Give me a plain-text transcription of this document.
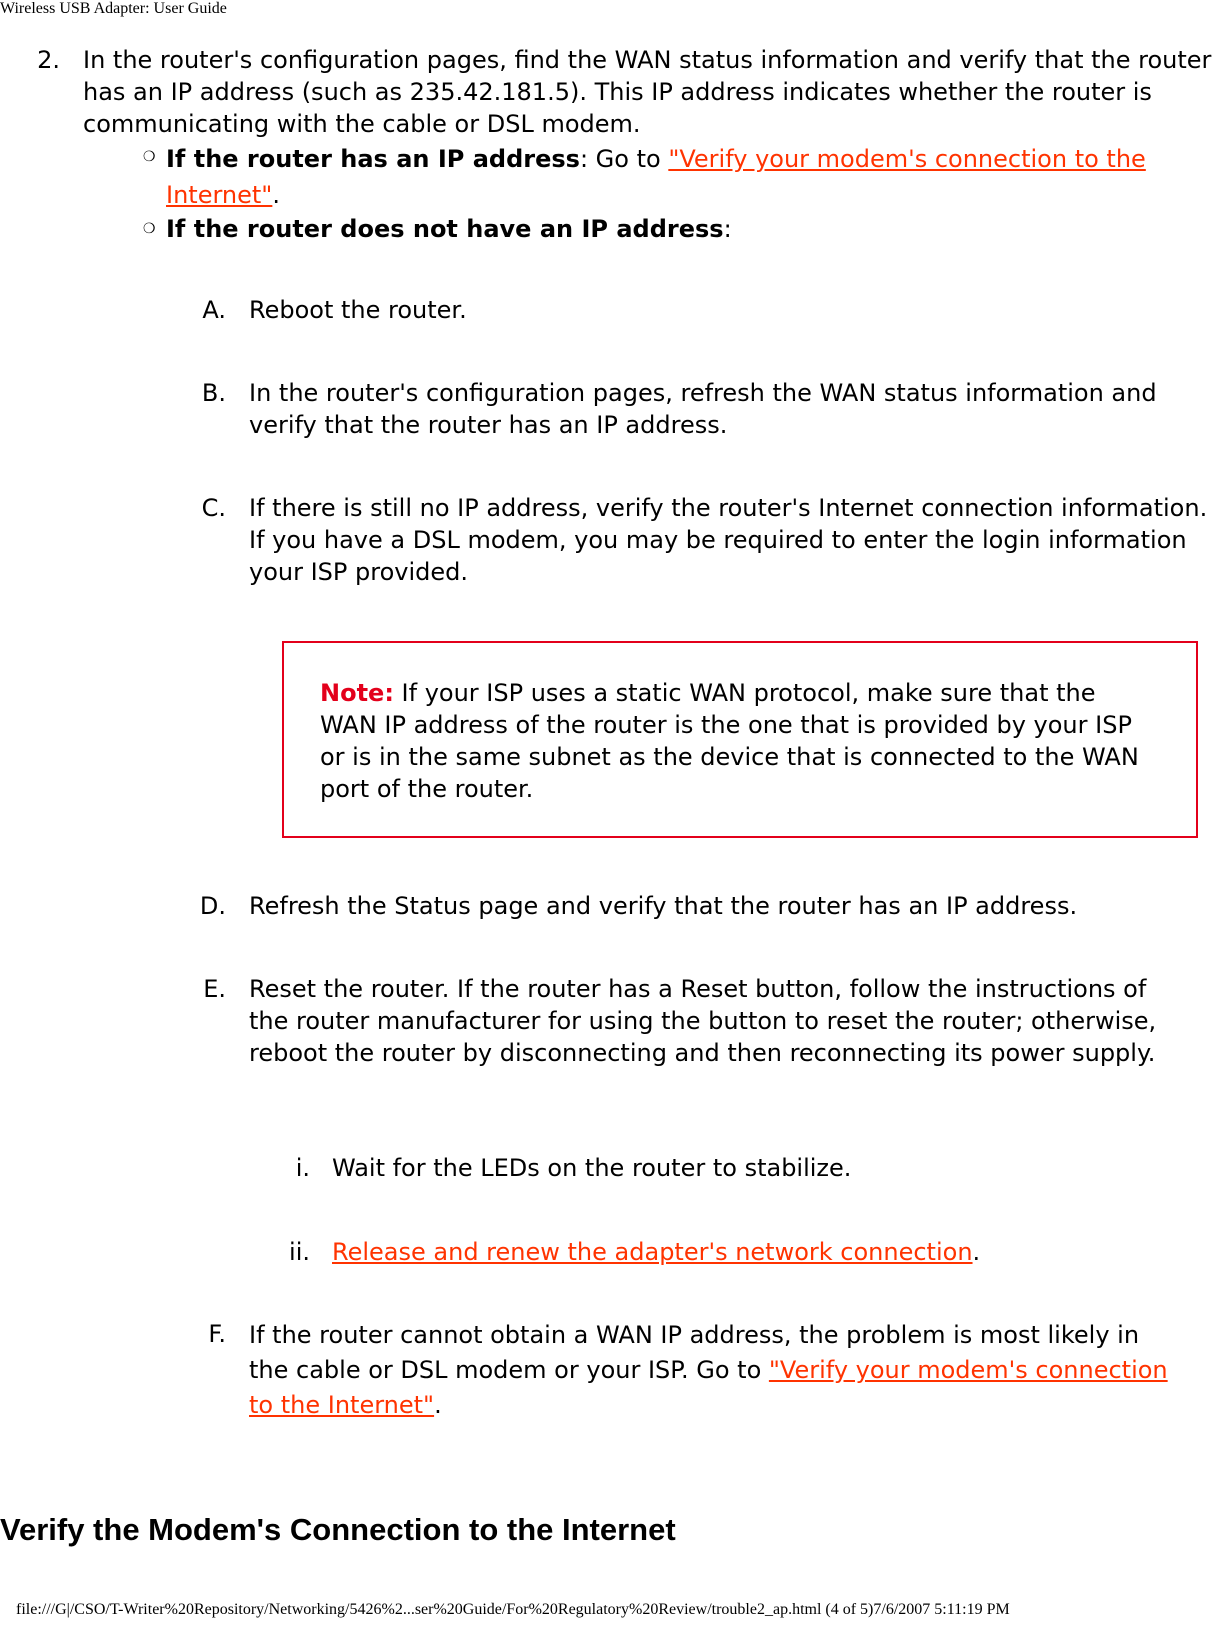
Wireless USB Adapter: User Guide
2. In the router's configuration pages, find the WAN status information and verify that the router has an IP address (such as 235.42.181.5). This IP address indicates whether the router is communicating with the cable or DSL modem.
❍ If the router has an IP address: Go to "Verify your modem's connection to the Internet".
❍ If the router does not have an IP address:
A. Reboot the router.
B. In the router's configuration pages, refresh the WAN status information and verify that the router has an IP address.
C. If there is still no IP address, verify the router's Internet connection information. If you have a DSL modem, you may be required to enter the login information your ISP provided.
Note: If your ISP uses a static WAN protocol, make sure that the WAN IP address of the router is the one that is provided by your ISP or is in the same subnet as the device that is connected to the WAN port of the router.
D. Refresh the Status page and verify that the router has an IP address.
E. Reset the router. If the router has a Reset button, follow the instructions of the router manufacturer for using the button to reset the router; otherwise, reboot the router by disconnecting and then reconnecting its power supply.
i. Wait for the LEDs on the router to stabilize.
ii. Release and renew the adapter's network connection.
F. If the router cannot obtain a WAN IP address, the problem is most likely in the cable or DSL modem or your ISP. Go to "Verify your modem's connection to the Internet".
Verify the Modem's Connection to the Internet
file:///G|/CSO/T-Writer%20Repository/Networking/5426%2...ser%20Guide/For%20Regulatory%20Review/trouble2_ap.html (4 of 5)7/6/2007 5:11:19 PM
